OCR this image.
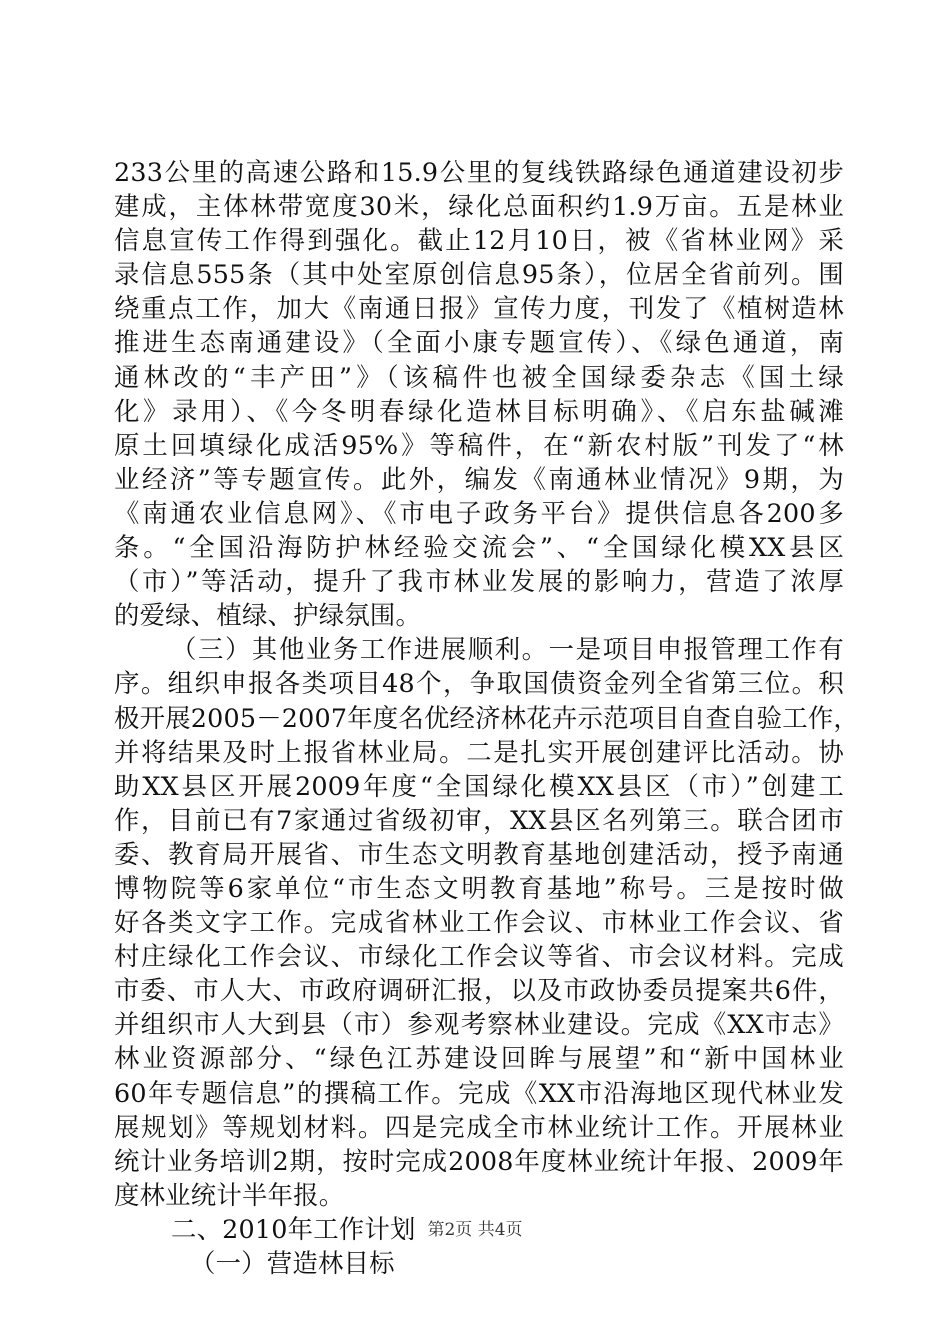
233公里的高速公路和15.9公里的复线铁路绿色通道建设初步
建成，主体林带宽度30米，绿化总面积约1.9万亩。五是林业
信息宣传工作得到强化。截止12月10日，被《省林业网》采
录信息555条（其中处室原创信息95条），位居全省前列。围
绕重点工作，加大《南通日报》宣传力度，刊发了《植树造林
推进生态南通建设》（全面小康专题宣传）、《绿色通道，南
通林改的“丰产田”》（该稿件也被全国绿委杂志《国土绿
化》录用）、《今冬明春绿化造林目标明确》、《启东盐碱滩
原土回填绿化成活95%》等稿件，在“新农村版”刊发了“林
业经济”等专题宣传。此外，编发《南通林业情况》9期，为
《南通农业信息网》、《市电子政务平台》提供信息各200多
条。“全国沿海防护林经验交流会”、“全国绿化模XX县区
（市）”等活动，提升了我市林业发展的影响力，营造了浓厚
的爱绿、植绿、护绿氛围。
（三）其他业务工作进展顺利。一是项目申报管理工作有
序。组织申报各类项目48个，争取国债资金列全省第三位。积
极开展2005－2007年度名优经济林花卉示范项目自查自验工作，
并将结果及时上报省林业局。二是扎实开展创建评比活动。协
助XX县区开展2009年度“全国绿化模XX县区（市）”创建工
作，目前已有7家通过省级初审，XX县区名列第三。联合团市
委、教育局开展省、市生态文明教育基地创建活动，授予南通
博物院等6家单位“市生态文明教育基地”称号。三是按时做
好各类文字工作。完成省林业工作会议、市林业工作会议、省
村庄绿化工作会议、市绿化工作会议等省、市会议材料。完成
市委、市人大、市政府调研汇报，以及市政协委员提案共6件，
并组织市人大到县（市）参观考察林业建设。完成《XX市志》
林业资源部分、“绿色江苏建设回眸与展望”和“新中国林业
60年专题信息”的撰稿工作。完成《XX市沿海地区现代林业发
展规划》等规划材料。四是完成全市林业统计工作。开展林业
统计业务培训2期，按时完成2008年度林业统计年报、2009年
度林业统计半年报。
二、2010年工作计划
（一）营造林目标
第2页 共4页
